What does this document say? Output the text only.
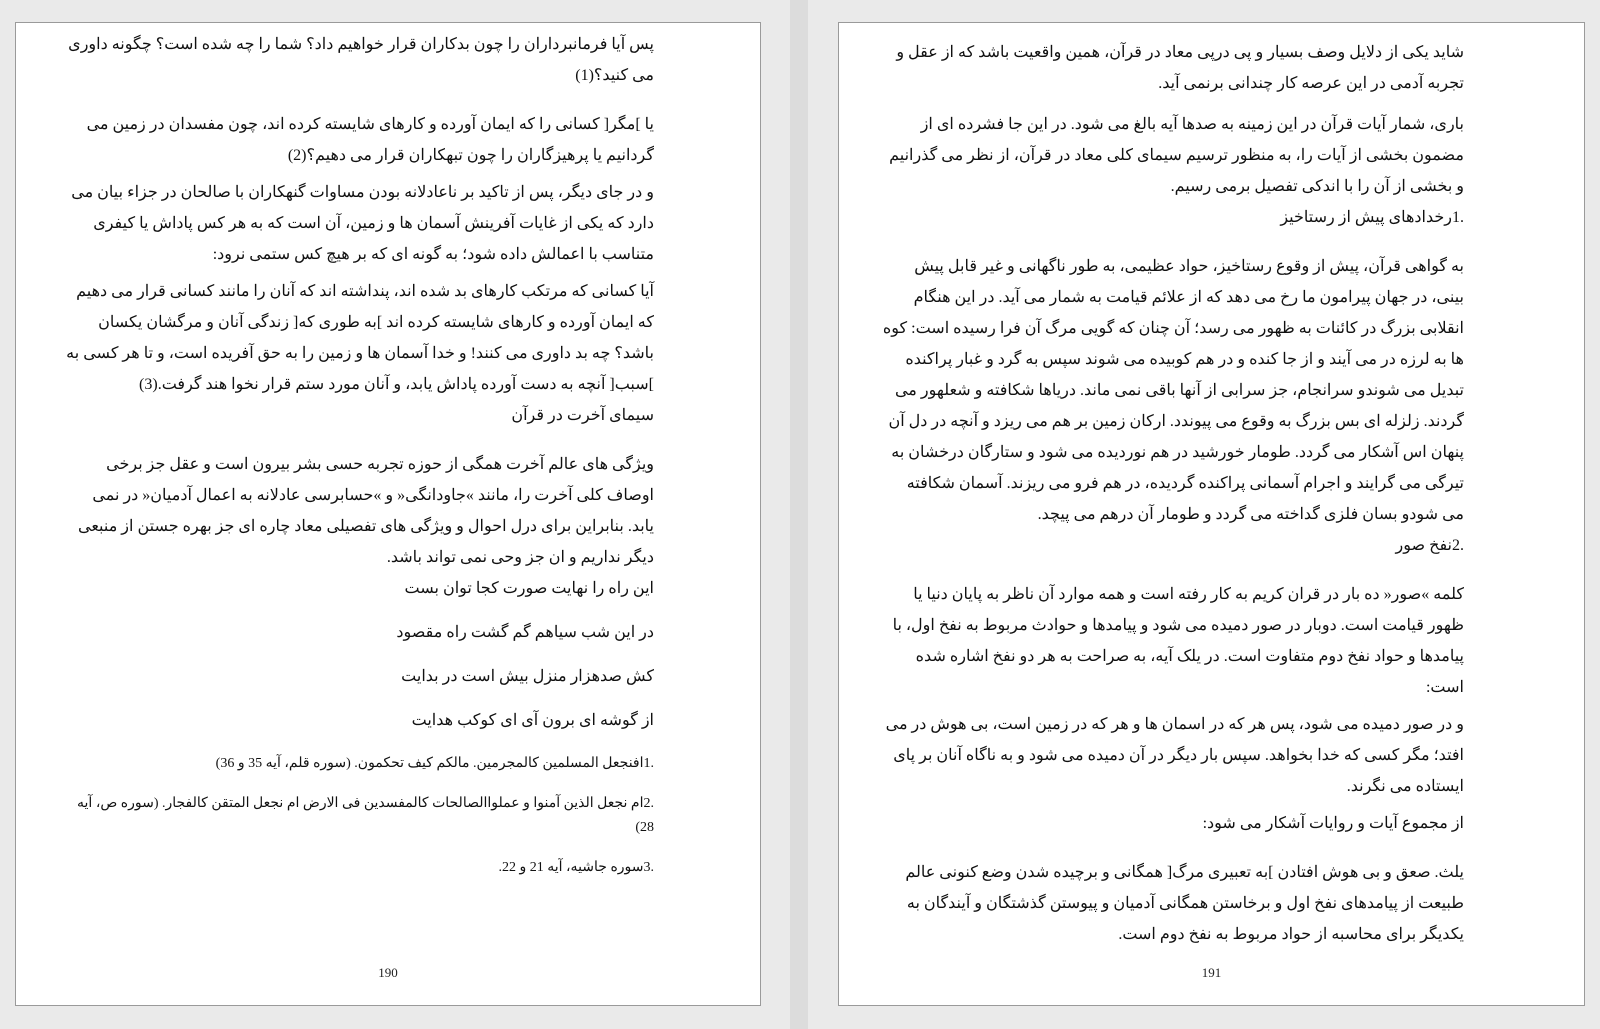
پس آیا فرمانبرداران را چون بدکاران قرار خواهیم داد؟ شما را چه شده است؟ چگونه داوری می کنید؟(1)

یا ]مگر[ کسانی را که ایمان آورده و کارهای شایسته کرده اند، چون مفسدان در زمین می گردانیم یا پرهیزگاران را چون تبهکاران قرار می دهیم؟(2)

و در جای دیگر، پس از تاکید بر ناعادلانه بودن مساوات گنهکاران با صالحان در جزاء بیان می دارد که یکی از غایات آفرینش آسمان ها و زمین، آن است که به هر کس پاداش یا کیفری متناسب با اعمالش داده شود؛ به گونه ای که بر هیچ کس ستمی نرود:

آیا کسانی که مرتکب کارهای بد شده اند، پنداشته اند که آنان را مانند کسانی قرار می دهیم که ایمان آورده و کارهای شایسته کرده اند ]به طوری که[ زندگی آنان و مرگشان یکسان باشد؟ چه بد داوری می کنند! و خدا آسمان ها و زمین را به حق آفریده است، و تا هر کسی به ]سبب[ آنچه به دست آورده پاداش یابد، و آنان مورد ستم قرار نخوا هند گرفت.(3)

سیمای آخرت در قرآن

ویژگی های عالم آخرت همگی از حوزه تجربه حسی بشر بیرون است و عقل جز برخی اوصاف کلی آخرت را، مانند »جاودانگی« و »حسابرسی عادلانه به اعمال آدمیان« در نمی یابد. بنابراین برای درل احوال و ویژگی های تفصیلی معاد چاره ای جز بهره جستن از منبعی دیگر نداریم و ان جز وحی نمی تواند باشد.

این راه را نهایت صورت کجا توان بست

در این شب سیاهم گم گشت راه مقصود

کش صدهزار منزل بیش است در بدایت

از گوشه ای برون آی ای کوکب هدایت

.1افنجعل المسلمین کالمجرمین. مالکم کیف تحکمون. (سوره قلم، آیه 35 و 36)

.2ام نجعل الذین آمنوا و عملواالصالحات کالمفسدین فی الارض ام نجعل المتقن کالفجار. (سوره ص، آیه 28)

.3سوره جاشیه، آیه 21 و 22.

190

شاید یکی از دلایل وصف بسیار و پی درپی معاد در قرآن، همین واقعیت باشد که از عقل و تجربه آدمی در این عرصه کار چندانی برنمی آید.

باری، شمار آیات قرآن در این زمینه به صدها آیه بالغ می شود. در این جا فشرده ای از مضمون بخشی از آیات را، به منظور ترسیم سیمای کلی معاد در قرآن، از نظر می گذرانیم و بخشی از آن را با اندکی تفصیل برمی رسیم.

.1رخدادهای پیش از رستاخیز

به گواهی قرآن، پیش از وقوع رستاخیز، حواد عظیمی، به طور ناگهانی و غیر قابل پیش بینی، در جهان پیرامون ما رخ می دهد که از علائم قیامت به شمار می آید. در این هنگام انقلابی بزرگ در کائنات به ظهور می رسد؛ آن چنان که گویی مرگ آن فرا رسیده است: کوه ها به لرزه در می آیند و از جا کنده و در هم کوبیده می شوند سپس به گرد و غبار پراکنده تبدیل می شوندو سرانجام، جز سرابی از آنها باقی نمی ماند. دریاها شکافته و شعلهور می گردند. زلزله ای بس بزرگ به وقوع می پیوندد. ارکان زمین بر هم می ریزد و آنچه در دل آن پنهان اس آشکار می گردد. طومار خورشید در هم نوردیده می شود و ستارگان درخشان به تیرگی می گرایند و اجرام آسمانی پراکنده گردیده، در هم فرو می ریزند. آسمان شکافته می شودو بسان فلزی گداخته می گردد و طومار آن درهم می پیچد.

.2نفخ صور

کلمه »صور« ده بار در قران کریم به کار رفته است و همه موارد آن ناظر به پایان دنیا یا ظهور قیامت است. دوبار در صور دمیده می شود و پیامدها و حوادث مربوط به نفخ اول، با پیامدها و حواد نفخ دوم متفاوت است. در یلک آیه، به صراحت به هر دو نفخ اشاره شده است:

و در صور دمیده می شود، پس هر که در اسمان ها و هر که در زمین است، بی هوش در می افتد؛ مگر کسی که خدا بخواهد. سپس بار دیگر در آن دمیده می شود و به ناگاه آنان بر پای ایستاده می نگرند.

از مجموع آیات و روایات آشکار می شود:

یلث. صعق و بی هوش افتادن ]به تعبیری مرگ[ همگانی و برچیده شدن وضع کنونی عالم طبیعت از پیامدهای نفخ اول و برخاستن همگانی آدمیان و پیوستن گذشتگان و آیندگان به یکدیگر برای محاسبه از حواد مربوط به نفخ دوم است.

191
